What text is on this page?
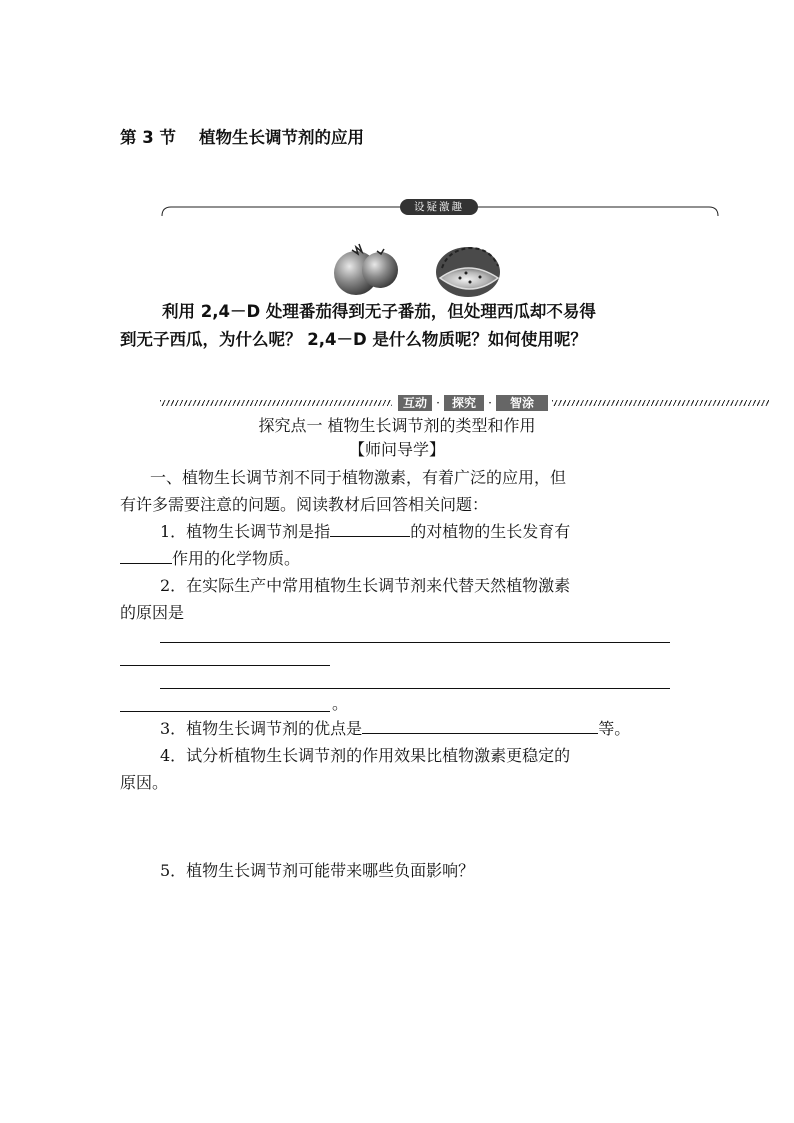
第 3 节    植物生长调节剂的应用
设疑激趣
利用 2,4－D 处理番茄得到无子番茄，但处理西瓜却不易得
到无子西瓜，为什么呢？ 2,4－D 是什么物质呢？如何使用呢？
互动 ·	探究	·	智涂
探究点一 植物生长调节剂的类型和作用
【师问导学】
一、植物生长调节剂不同于植物激素，有着广泛的应用，但
有许多需要注意的问题。阅读教材后回答相关问题：
1．植物生长调节剂是指	的对植物的生长发育有
作用的化学物质。
2．在实际生产中常用植物生长调节剂来代替天然植物激素
的原因是
。
3．植物生长调节剂的优点是	等。
4．试分析植物生长调节剂的作用效果比植物激素更稳定的
原因。
5．植物生长调节剂可能带来哪些负面影响？
